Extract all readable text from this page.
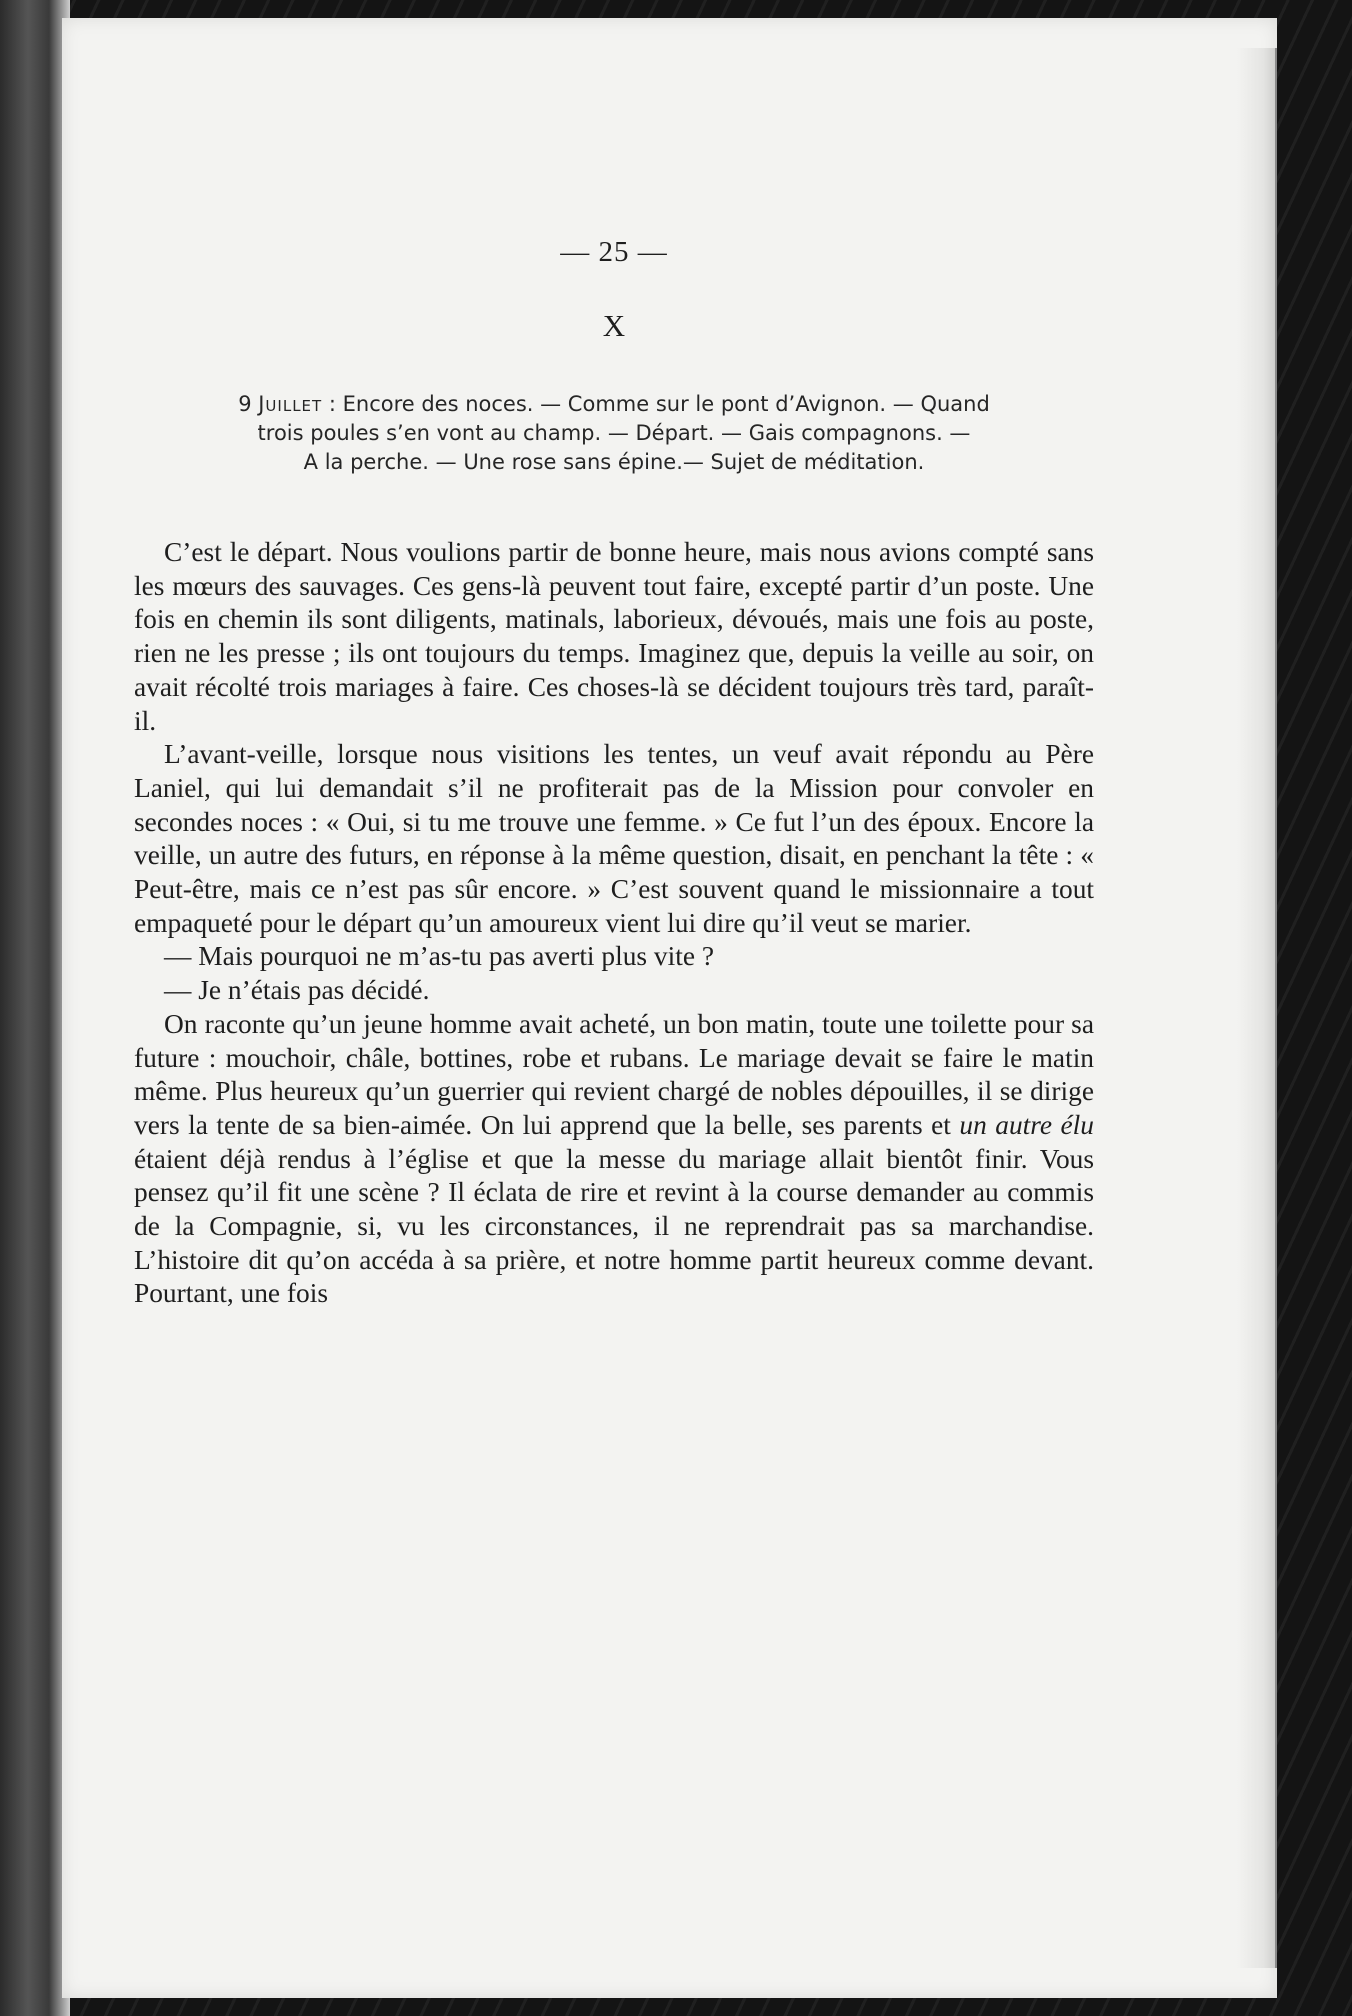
— 25 —
X
9 Juillet : Encore des noces. — Comme sur le pont d’Avignon. — Quand
trois poules s’en vont au champ. — Départ. — Gais compagnons. —
A la perche. — Une rose sans épine.— Sujet de méditation.

C’est le départ. Nous voulions partir de bonne heure, mais nous avions compté sans les mœurs des sauvages. Ces gens-là peuvent tout faire, excepté partir d’un poste. Une fois en chemin ils sont diligents, matinals, laborieux, dévoués, mais une fois au poste, rien ne les presse ; ils ont toujours du temps. Imaginez que, depuis la veille au soir, on avait récolté trois mariages à faire. Ces choses-là se décident toujours très tard, paraît-il.

L’avant-veille, lorsque nous visitions les tentes, un veuf avait répondu au Père Laniel, qui lui demandait s’il ne profiterait pas de la Mission pour convoler en secondes noces : « Oui, si tu me trouve une femme. » Ce fut l’un des époux. Encore la veille, un autre des futurs, en réponse à la même question, disait, en penchant la tête : « Peut-être, mais ce n’est pas sûr encore. » C’est souvent quand le missionnaire a tout empaqueté pour le départ qu’un amoureux vient lui dire qu’il veut se marier.

— Mais pourquoi ne m’as-tu pas averti plus vite ?

— Je n’étais pas décidé.

On raconte qu’un jeune homme avait acheté, un bon matin, toute une toilette pour sa future : mouchoir, châle, bottines, robe et rubans. Le mariage devait se faire le matin même. Plus heureux qu’un guerrier qui revient chargé de nobles dépouilles, il se dirige vers la tente de sa bien-aimée. On lui apprend que la belle, ses parents et un autre élu étaient déjà rendus à l’église et que la messe du mariage allait bientôt finir. Vous pensez qu’il fit une scène ? Il éclata de rire et revint à la course demander au commis de la Compagnie, si, vu les circonstances, il ne reprendrait pas sa marchandise. L’histoire dit qu’on accéda à sa prière, et notre homme partit heureux comme devant. Pourtant, une fois
